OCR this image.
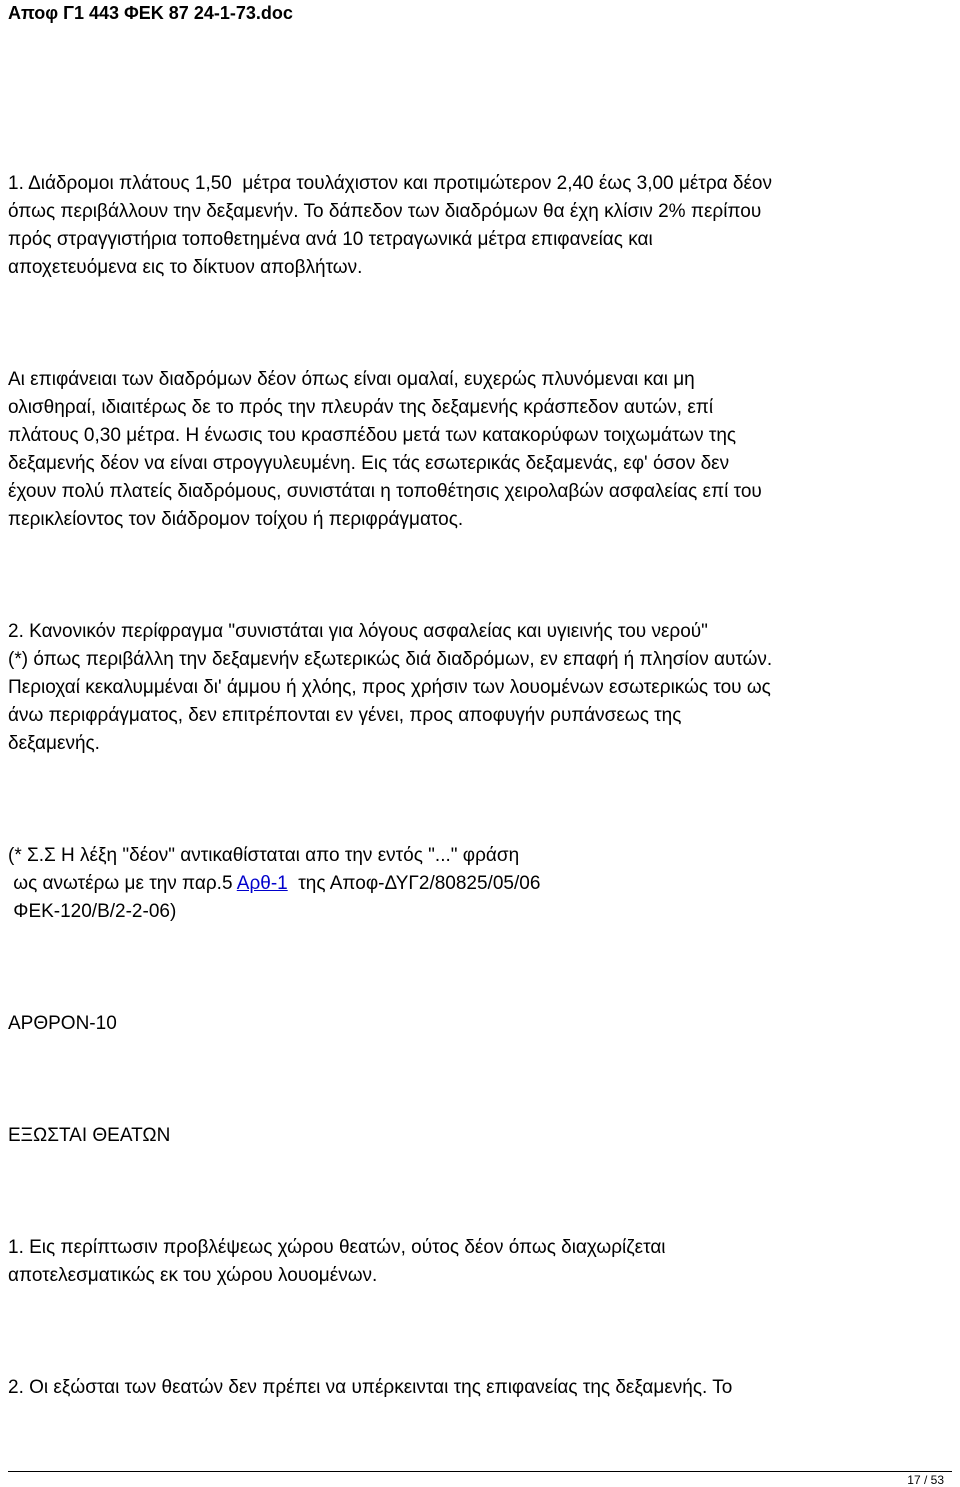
Αποφ Γ1 443 ΦΕΚ 87 24-1-73.doc

1. Διάδρομοι πλάτους 1,50  μέτρα τουλάχιστον και προτιμώτερον 2,40 έως 3,00 μέτρα δέον

όπως περιβάλλουν την δεξαμενήν. Το δάπεδον των διαδρόμων θα έχη κλίσιν 2% περίπου

πρός στραγγιστήρια τοποθετημένα ανά 10 τετραγωνικά μέτρα επιφανείας και

αποχετευόμενα εις το δίκτυον αποβλήτων.

Αι επιφάνειαι των διαδρόμων δέον όπως είναι ομαλαί, ευχερώς πλυνόμεναι και μη

ολισθηραί, ιδιαιτέρως δε το πρός την πλευράν της δεξαμενής κράσπεδον αυτών, επί

πλάτους 0,30 μέτρα. Η ένωσις του κρασπέδου μετά των κατακορύφων τοιχωμάτων της

δεξαμενής δέον να είναι στρογγυλευμένη. Εις τάς εσωτερικάς δεξαμενάς, εφ' όσον δεν

έχουν πολύ πλατείς διαδρόμους, συνιστάται η τοποθέτησις χειρολαβών ασφαλείας επί του

περικλείοντος τον διάδρομον τοίχου ή περιφράγματος.

2. Κανονικόν περίφραγμα "συνιστάται για λόγους ασφαλείας και υγιεινής του νερού"

(*) όπως περιβάλλη την δεξαμενήν εξωτερικώς διά διαδρόμων, εν επαφή ή πλησίον αυτών.

Περιοχαί κεκαλυμμέναι δι' άμμου ή χλόης, προς χρήσιν των λουομένων εσωτερικώς του ως

άνω περιφράγματος, δεν επιτρέπονται εν γένει, προς αποφυγήν ρυπάνσεως της

δεξαμενής.

(* Σ.Σ Η λέξη "δέον" αντικαθίσταται απο την εντός "..." φράση

ως ανωτέρω με την παρ.5 Αρθ-1  της Αποφ-ΔΥΓ2/80825/05/06

ΦΕΚ-120/Β/2-2-06)

ΑΡΘΡΟΝ-10

ΕΞΩΣΤΑΙ ΘΕΑΤΩΝ

1. Εις περίπτωσιν προβλέψεως χώρου θεατών, ούτος δέον όπως διαχωρίζεται

αποτελεσματικώς εκ του χώρου λουομένων.

2. Οι εξώσται των θεατών δεν πρέπει να υπέρκεινται της επιφανείας της δεξαμενής. Το

17 / 53
